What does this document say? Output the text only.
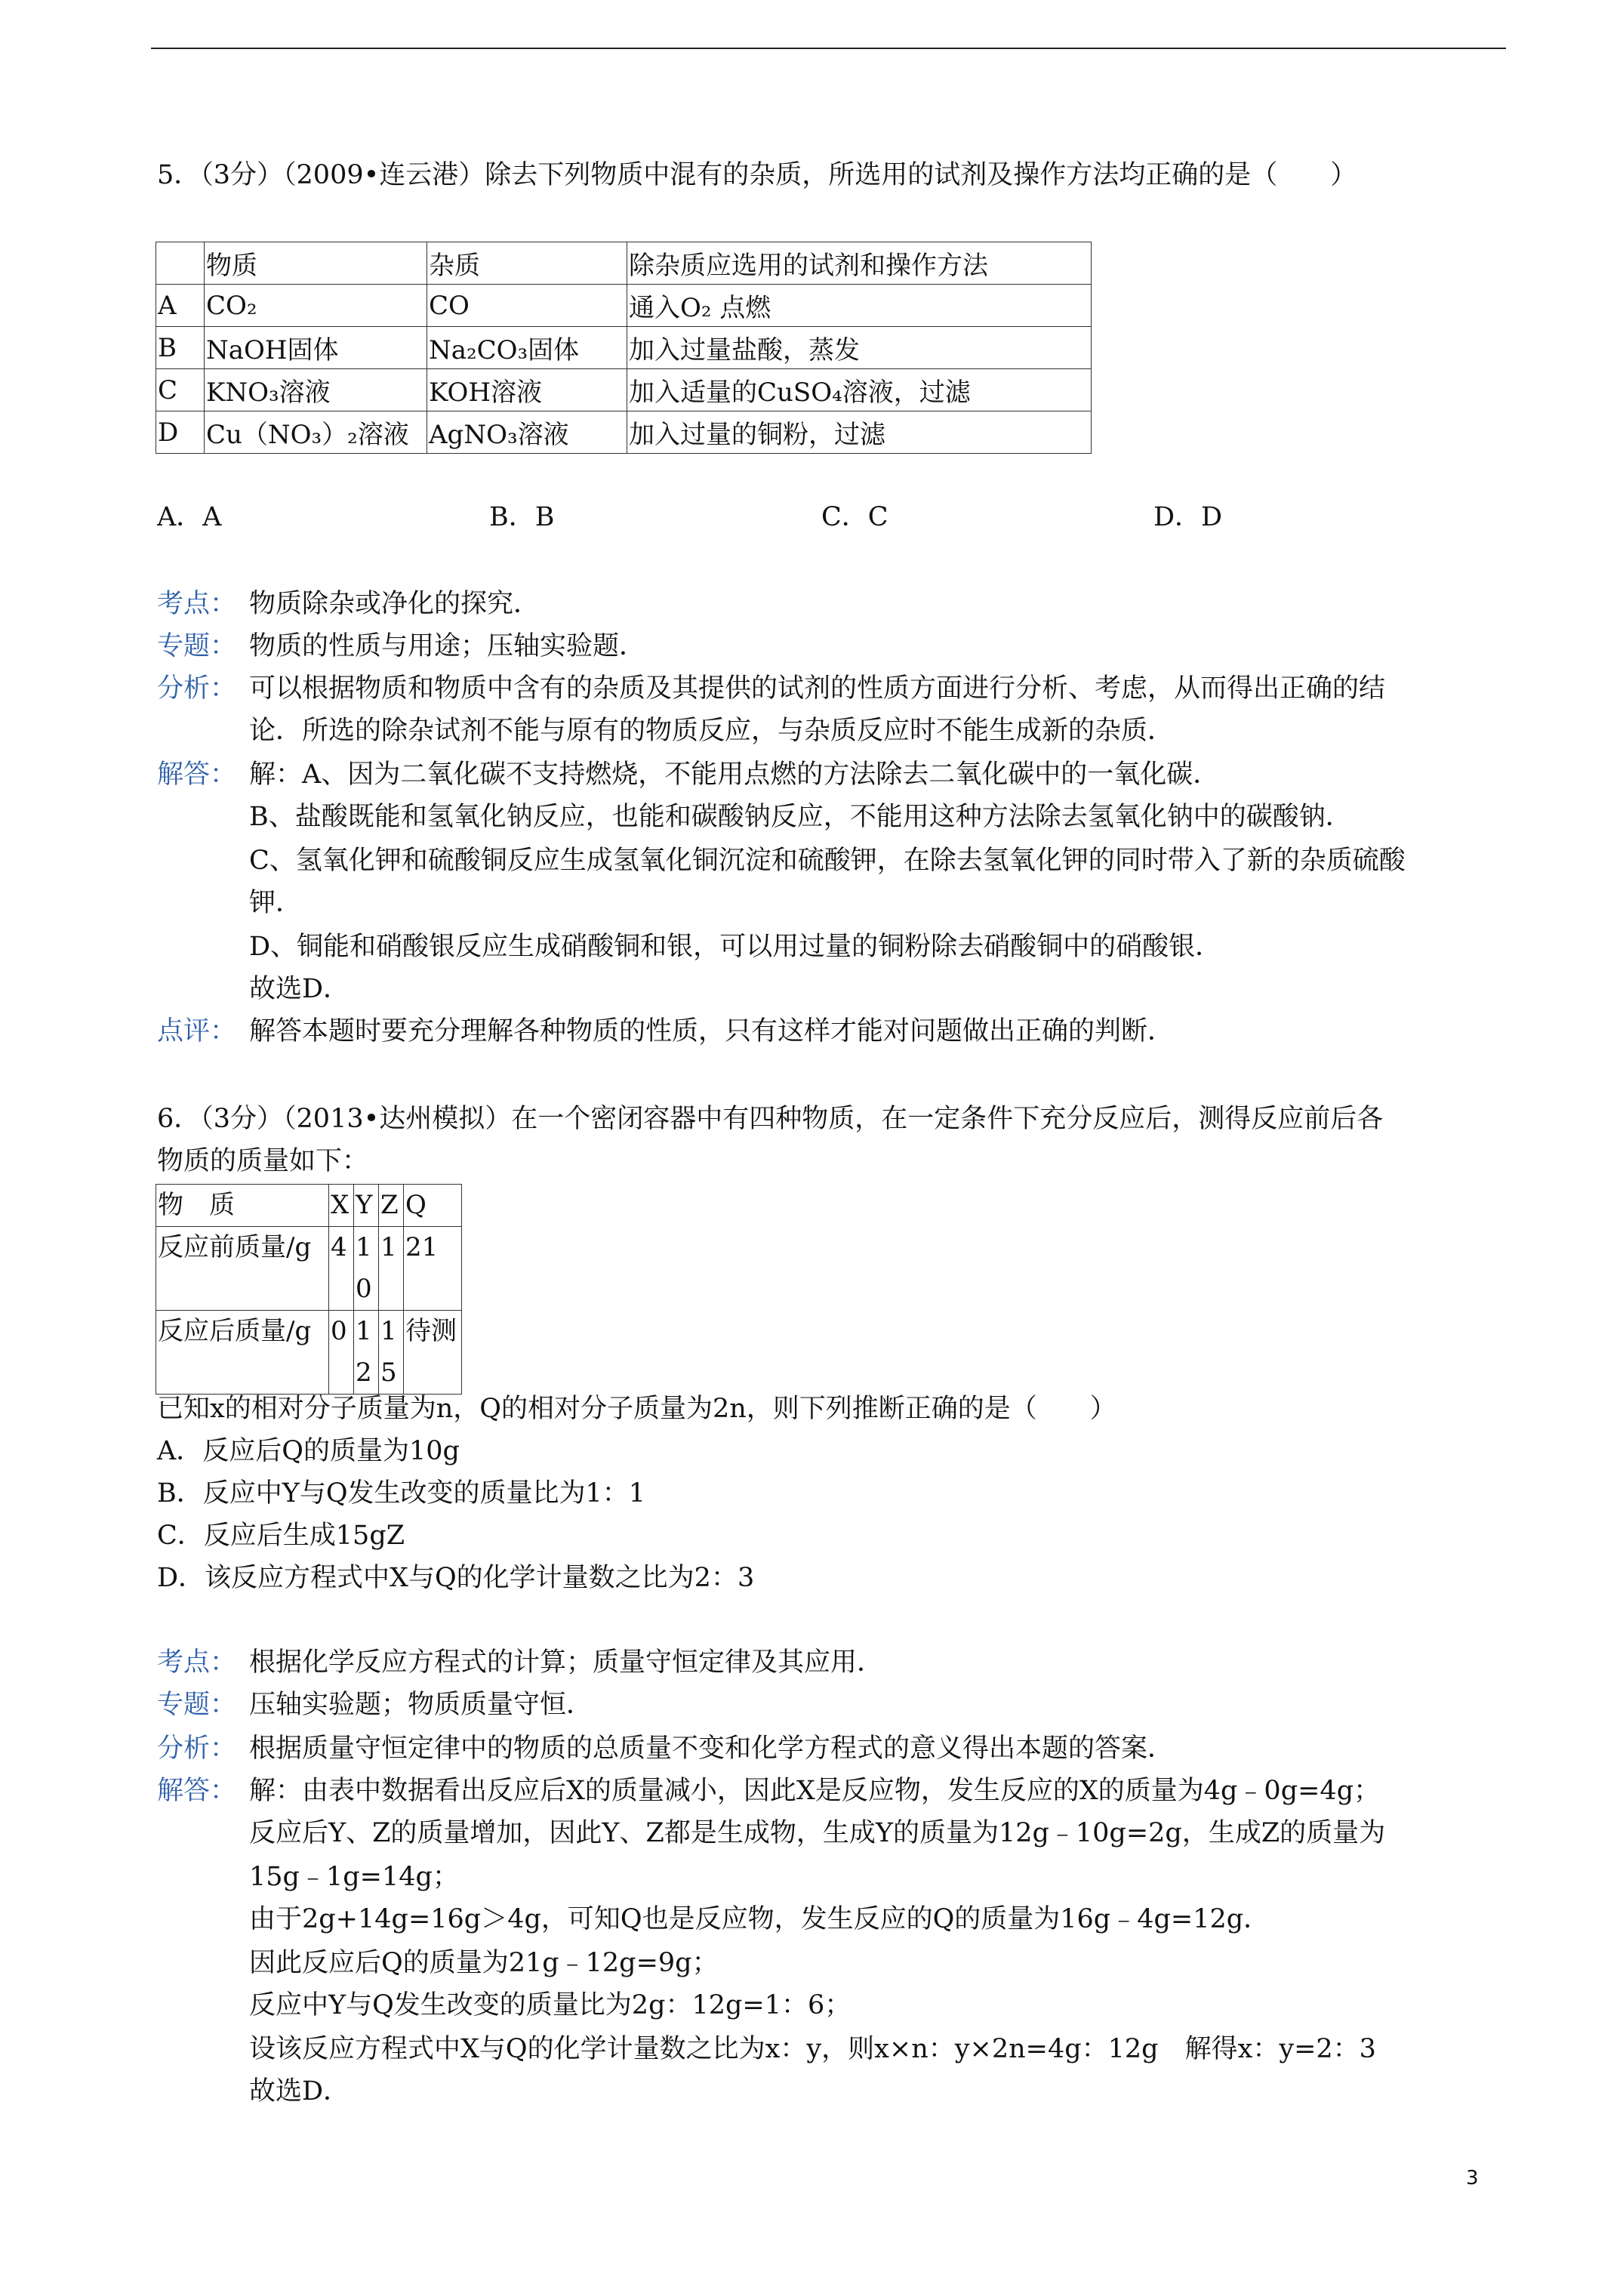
5．（3分）（2009•连云港）除去下列物质中混有的杂质，所选用的试剂及操作方法均正确的是（　　）
	物质	杂质	除杂质应选用的试剂和操作方法
A	CO₂	CO	通入O₂ 点燃
B	NaOH固体	Na₂CO₃固体	加入过量盐酸，蒸发
C	KNO₃溶液	KOH溶液	加入适量的CuSO₄溶液，过滤
D	Cu（NO₃）₂溶液	AgNO₃溶液	加入过量的铜粉，过滤
A．A	B．B	C．C	D．D
考点： 物质除杂或净化的探究．
专题： 物质的性质与用途；压轴实验题．
分析： 可以根据物质和物质中含有的杂质及其提供的试剂的性质方面进行分析、考虑，从而得出正确的结
论．所选的除杂试剂不能与原有的物质反应，与杂质反应时不能生成新的杂质．
解答： 解：A、因为二氧化碳不支持燃烧，不能用点燃的方法除去二氧化碳中的一氧化碳．
B、盐酸既能和氢氧化钠反应，也能和碳酸钠反应，不能用这种方法除去氢氧化钠中的碳酸钠．
C、氢氧化钾和硫酸铜反应生成氢氧化铜沉淀和硫酸钾，在除去氢氧化钾的同时带入了新的杂质硫酸
钾．
D、铜能和硝酸银反应生成硝酸铜和银，可以用过量的铜粉除去硝酸铜中的硝酸银．
故选D．
点评： 解答本题时要充分理解各种物质的性质，只有这样才能对问题做出正确的判断．
6．（3分）（2013•达州模拟）在一个密闭容器中有四种物质，在一定条件下充分反应后，测得反应前后各
物质的质量如下：
物　质	X	Y	Z	Q
反应前质量/g	4	10	1	21
反应后质量/g	0	12	15	待测
已知x的相对分子质量为n，Q的相对分子质量为2n，则下列推断正确的是（　　）
A．反应后Q的质量为10g
B．反应中Y与Q发生改变的质量比为1：1
C．反应后生成15gZ
D．该反应方程式中X与Q的化学计量数之比为2：3
考点： 根据化学反应方程式的计算；质量守恒定律及其应用．
专题： 压轴实验题；物质质量守恒．
分析： 根据质量守恒定律中的物质的总质量不变和化学方程式的意义得出本题的答案．
解答： 解：由表中数据看出反应后X的质量减小，因此X是反应物，发生反应的X的质量为4g﹣0g=4g；
反应后Y、Z的质量增加，因此Y、Z都是生成物，生成Y的质量为12g﹣10g=2g，生成Z的质量为
15g﹣1g=14g；
由于2g+14g=16g＞4g，可知Q也是反应物，发生反应的Q的质量为16g﹣4g=12g．
因此反应后Q的质量为21g﹣12g=9g；
反应中Y与Q发生改变的质量比为2g：12g=1：6；
设该反应方程式中X与Q的化学计量数之比为x：y，则x×n：y×2n=4g：12g　解得x：y=2：3
故选D．
3
